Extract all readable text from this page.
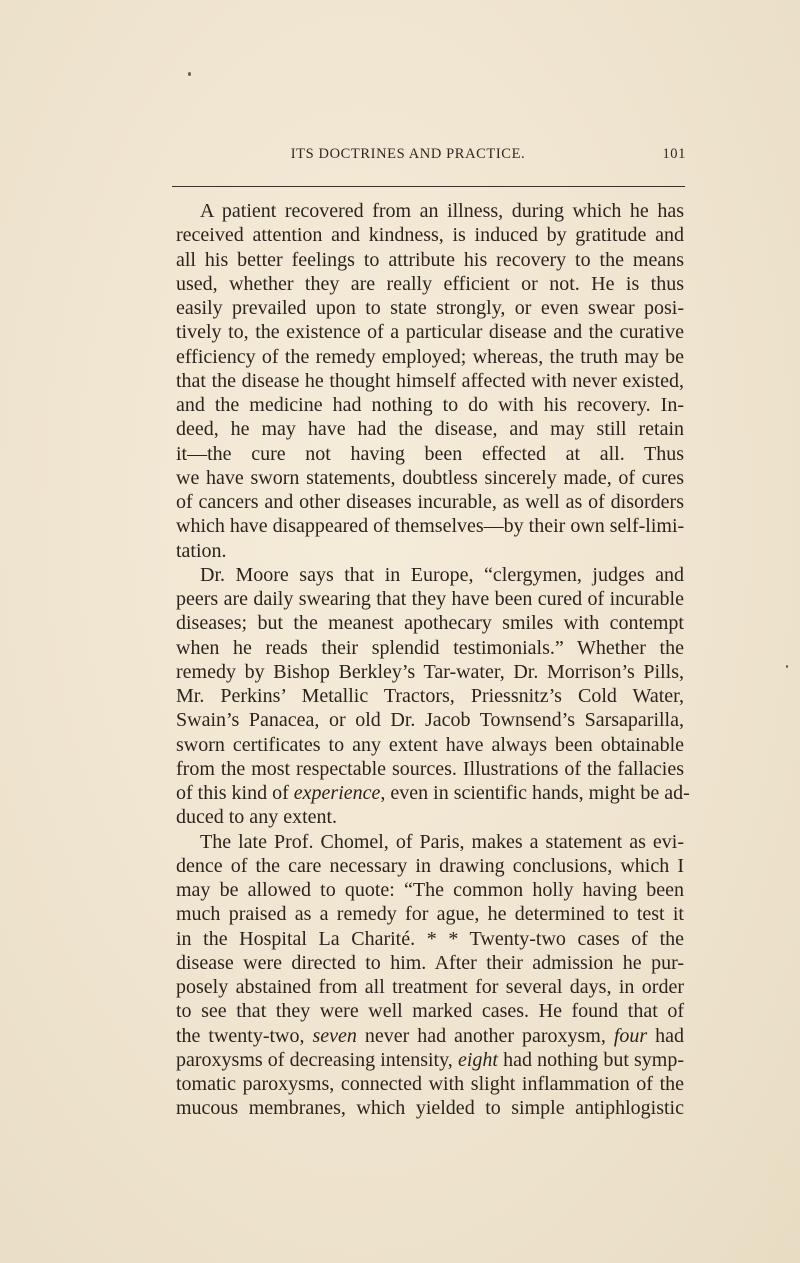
ITS DOCTRINES AND PRACTICE.	101
A patient recovered from an illness, during which he has
received attention and kindness, is induced by gratitude and
all his better feelings to attribute his recovery to the means
used, whether they are really efficient or not. He is thus
easily prevailed upon to state strongly, or even swear posi-
tively to, the existence of a particular disease and the curative
efficiency of the remedy employed; whereas, the truth may be
that the disease he thought himself affected with never existed,
and the medicine had nothing to do with his recovery. In-
deed, he may have had the disease, and may still retain
it—the cure not having been effected at all. Thus
we have sworn statements, doubtless sincerely made, of cures
of cancers and other diseases incurable, as well as of disorders
which have disappeared of themselves—by their own self-limi-
tation.
Dr. Moore says that in Europe, “clergymen, judges and
peers are daily swearing that they have been cured of incurable
diseases; but the meanest apothecary smiles with contempt
when he reads their splendid testimonials.” Whether the
remedy by Bishop Berkley’s Tar-water, Dr. Morrison’s Pills,
Mr. Perkins’ Metallic Tractors, Priessnitz’s Cold Water,
Swain’s Panacea, or old Dr. Jacob Townsend’s Sarsaparilla,
sworn certificates to any extent have always been obtainable
from the most respectable sources. Illustrations of the fallacies
of this kind of experience, even in scientific hands, might be ad-
duced to any extent.
The late Prof. Chomel, of Paris, makes a statement as evi-
dence of the care necessary in drawing conclusions, which I
may be allowed to quote: “The common holly having been
much praised as a remedy for ague, he determined to test it
in the Hospital La Charité. * * Twenty-two cases of the
disease were directed to him. After their admission he pur-
posely abstained from all treatment for several days, in order
to see that they were well marked cases. He found that of
the twenty-two, seven never had another paroxysm, four had
paroxysms of decreasing intensity, eight had nothing but symp-
tomatic paroxysms, connected with slight inflammation of the
mucous membranes, which yielded to simple antiphlogistic
